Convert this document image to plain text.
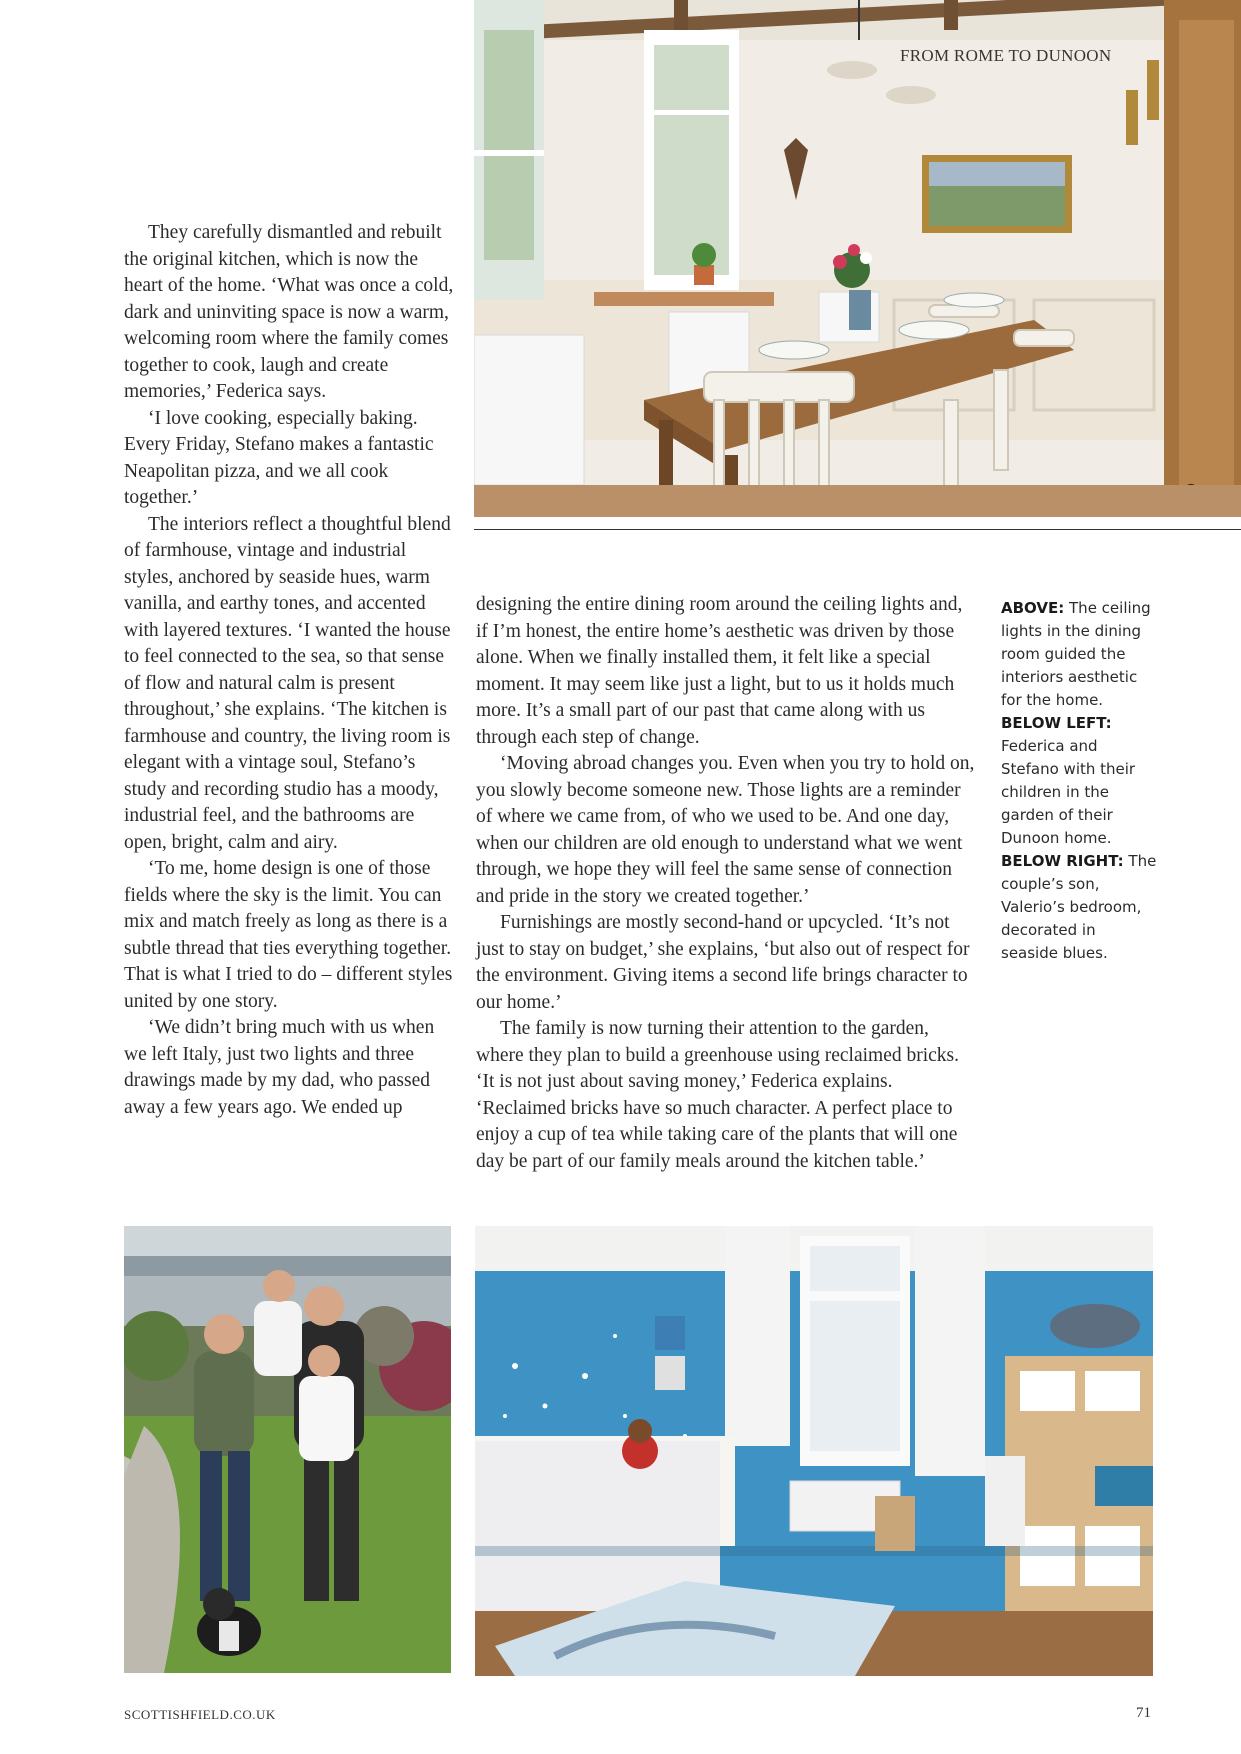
FROM ROME TO DUNOON

They carefully dismantled and rebuilt the original kitchen, which is now the heart of the home. ‘What was once a cold, dark and uninviting space is now a warm, welcoming room where the family comes together to cook, laugh and create memories,’ Federica says.

‘I love cooking, especially baking. Every Friday, Stefano makes a fantastic Neapolitan pizza, and we all cook together.’

The interiors reflect a thoughtful blend of farmhouse, vintage and industrial styles, anchored by seaside hues, warm vanilla, and earthy tones, and accented with layered textures. ‘I wanted the house to feel connected to the sea, so that sense of flow and natural calm is present throughout,’ she explains. ‘The kitchen is farmhouse and country, the living room is elegant with a vintage soul, Stefano’s study and recording studio has a moody, industrial feel, and the bathrooms are open, bright, calm and airy.

‘To me, home design is one of those fields where the sky is the limit. You can mix and match freely as long as there is a subtle thread that ties everything together. That is what I tried to do – different styles united by one story.

‘We didn’t bring much with us when we left Italy, just two lights and three drawings made by my dad, who passed away a few years ago. We ended up

designing the entire dining room around the ceiling lights and, if I’m honest, the entire home’s aesthetic was driven by those alone. When we finally installed them, it felt like a special moment. It may seem like just a light, but to us it holds much more. It’s a small part of our past that came along with us through each step of change.

‘Moving abroad changes you. Even when you try to hold on, you slowly become someone new. Those lights are a reminder of where we came from, of who we used to be. And one day, when our children are old enough to understand what we went through, we hope they will feel the same sense of connection and pride in the story we created together.’

Furnishings are mostly second-hand or upcycled. ‘It’s not just to stay on budget,’ she explains, ‘but also out of respect for the environment. Giving items a second life brings character to our home.’

The family is now turning their attention to the garden, where they plan to build a greenhouse using reclaimed bricks. ‘It is not just about saving money,’ Federica explains. ‘Reclaimed bricks have so much character. A perfect place to enjoy a cup of tea while taking care of the plants that will one day be part of our family meals around the kitchen table.’

ABOVE: The ceiling lights in the dining room guided the interiors aesthetic for the home. BELOW LEFT: Federica and Stefano with their children in the garden of their Dunoon home. BELOW RIGHT: The couple’s son, Valerio’s bedroom, decorated in seaside blues.
SCOTTISHFIELD.CO.UK	71
